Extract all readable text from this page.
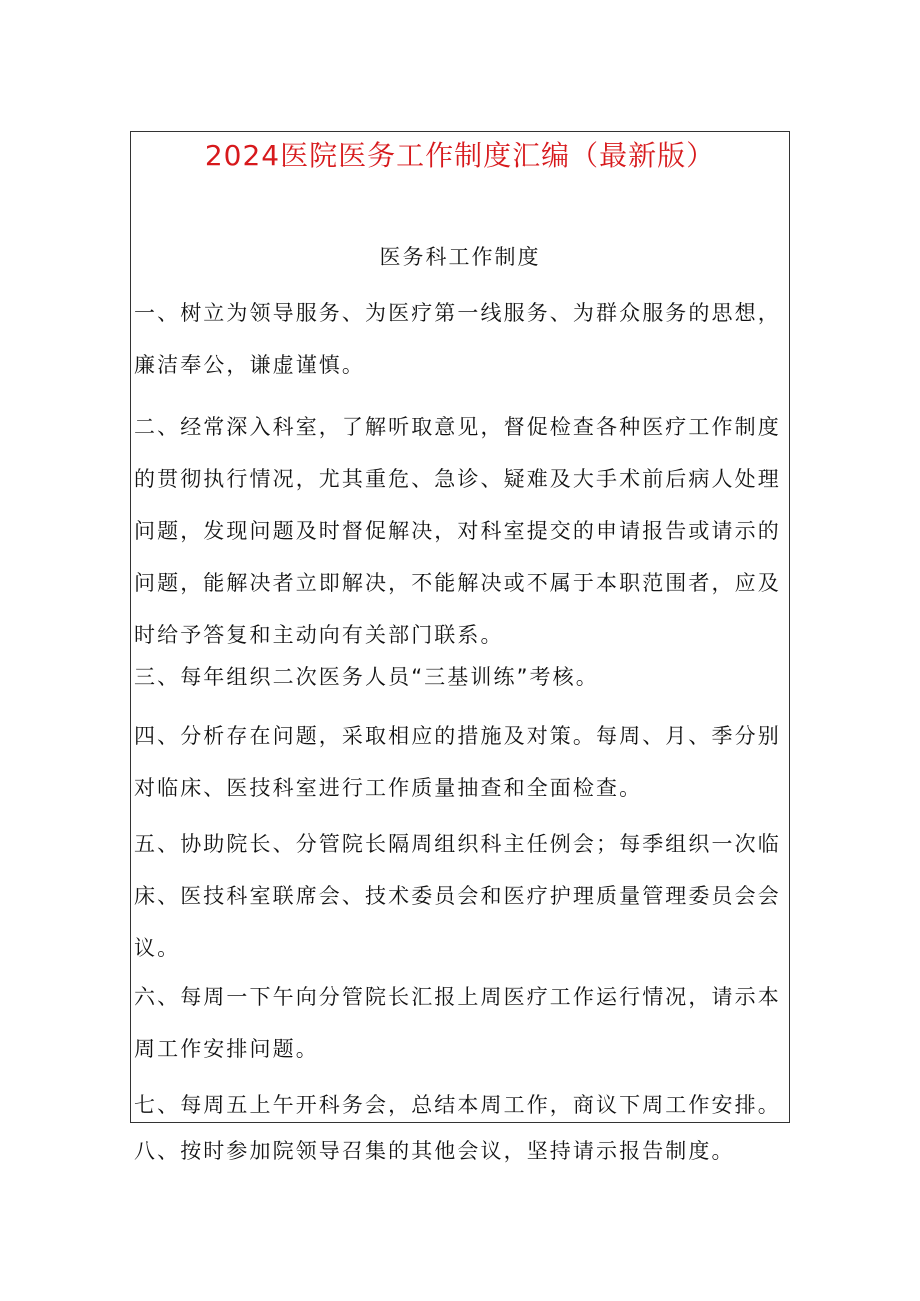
2024医院医务工作制度汇编（最新版）
医务科工作制度

一、树立为领导服务、为医疗第一线服务、为群众服务的思想，廉洁奉公，谦虚谨慎。

二、经常深入科室，了解听取意见，督促检查各种医疗工作制度的贯彻执行情况，尤其重危、急诊、疑难及大手术前后病人处理问题，发现问题及时督促解决，对科室提交的申请报告或请示的问题，能解决者立即解决，不能解决或不属于本职范围者，应及时给予答复和主动向有关部门联系。

三、每年组织二次医务人员“三基训练”考核。

四、分析存在问题，采取相应的措施及对策。每周、月、季分别对临床、医技科室进行工作质量抽查和全面检查。

五、协助院长、分管院长隔周组织科主任例会；每季组织一次临床、医技科室联席会、技术委员会和医疗护理质量管理委员会会议。

六、每周一下午向分管院长汇报上周医疗工作运行情况，请示本周工作安排问题。

七、每周五上午开科务会，总结本周工作，商议下周工作安排。

八、按时参加院领导召集的其他会议，坚持请示报告制度。
